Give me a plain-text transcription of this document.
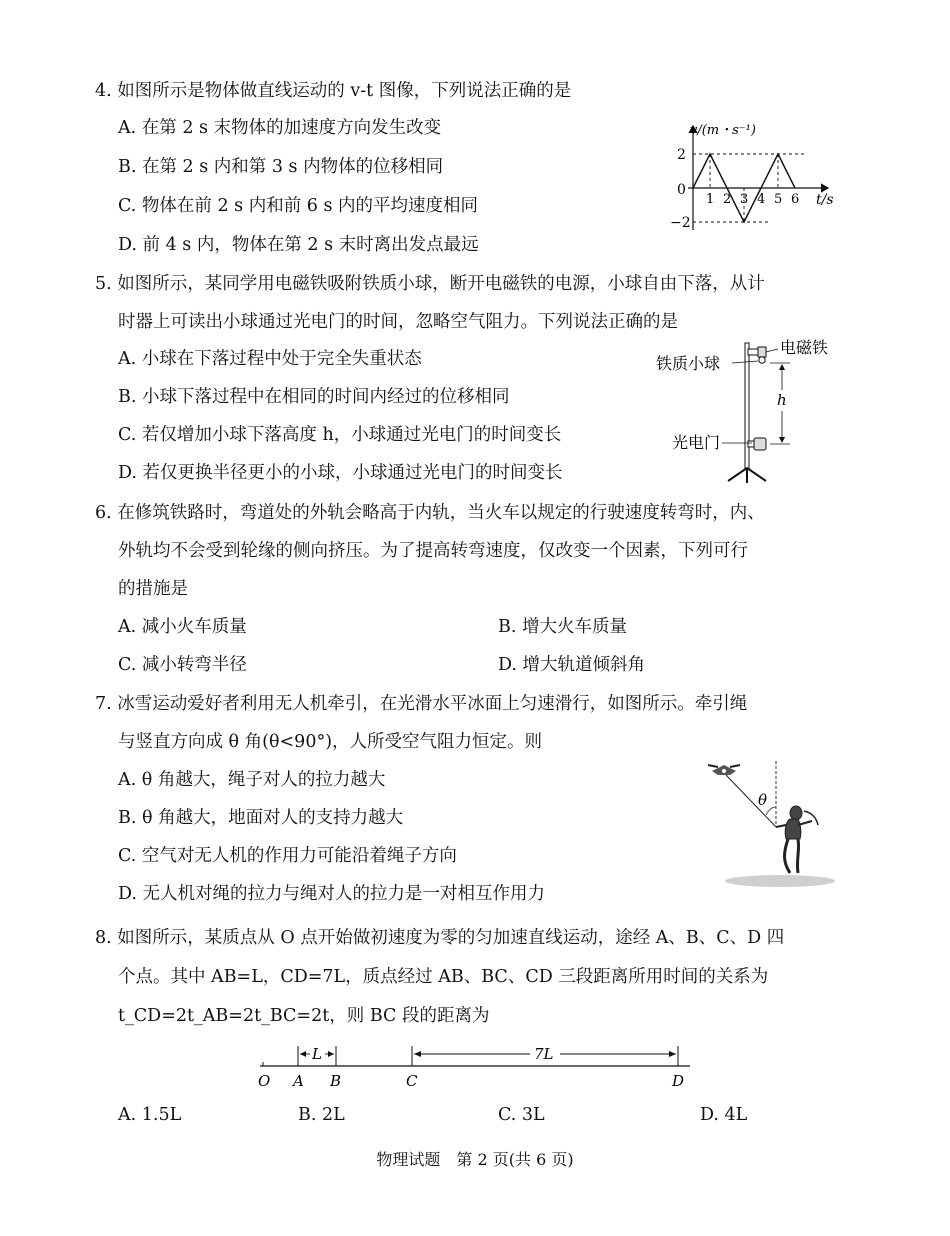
4. 如图所示是物体做直线运动的 v-t 图像，下列说法正确的是
A. 在第 2 s 末物体的加速度方向发生改变
B. 在第 2 s 内和第 3 s 内物体的位移相同
C. 物体在前 2 s 内和前 6 s 内的平均速度相同
D. 前 4 s 内，物体在第 2 s 末时离出发点最远
v/(m・s⁻¹)
t/s
2
0
−2
1 2 3 4 5 6
5. 如图所示，某同学用电磁铁吸附铁质小球，断开电磁铁的电源，小球自由下落，从计
时器上可读出小球通过光电门的时间，忽略空气阻力。下列说法正确的是
A. 小球在下落过程中处于完全失重状态
B. 小球下落过程中在相同的时间内经过的位移相同
C. 若仅增加小球下落高度 h，小球通过光电门的时间变长
D. 若仅更换半径更小的小球，小球通过光电门的时间变长
h
电磁铁
铁质小球
光电门
6. 在修筑铁路时，弯道处的外轨会略高于内轨，当火车以规定的行驶速度转弯时，内、
外轨均不会受到轮缘的侧向挤压。为了提高转弯速度，仅改变一个因素，下列可行
的措施是
A. 减小火车质量	B. 增大火车质量
C. 减小转弯半径	D. 增大轨道倾斜角
7. 冰雪运动爱好者利用无人机牵引，在光滑水平冰面上匀速滑行，如图所示。牵引绳
与竖直方向成 θ 角(θ<90°)，人所受空气阻力恒定。则
A. θ 角越大，绳子对人的拉力越大
B. θ 角越大，地面对人的支持力越大
C. 空气对无人机的作用力可能沿着绳子方向
D. 无人机对绳的拉力与绳对人的拉力是一对相互作用力
θ
8. 如图所示，某质点从 O 点开始做初速度为零的匀加速直线运动，途经 A、B、C、D 四
个点。其中 AB=L，CD=7L，质点经过 AB、BC、CD 三段距离所用时间的关系为
t_CD=2t_AB=2t_BC=2t，则 BC 段的距离为
L	7L
O A B	C	D
A. 1.5L	B. 2L	C. 3L	D. 4L
物理试题　第 2 页(共 6 页)
